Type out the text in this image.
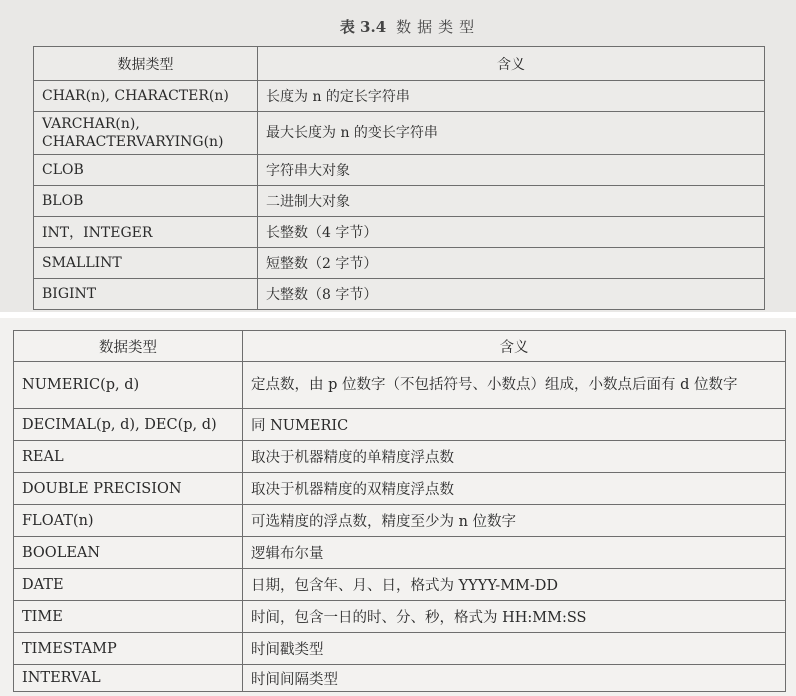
表 3.4 数据类型
数据类型	含义
CHAR(n), CHARACTER(n)	长度为 n 的定长字符串
VARCHAR(n),
CHARACTERVARYING(n)	最大长度为 n 的变长字符串
CLOB	字符串大对象
BLOB	二进制大对象
INT，INTEGER	长整数（4 字节）
SMALLINT	短整数（2 字节）
BIGINT	大整数（8 字节）
数据类型	含义
NUMERIC(p, d)	定点数，由 p 位数字（不包括符号、小数点）组成，小数点后面有 d 位数字
DECIMAL(p, d), DEC(p, d)	同 NUMERIC
REAL	取决于机器精度的单精度浮点数
DOUBLE PRECISION	取决于机器精度的双精度浮点数
FLOAT(n)	可选精度的浮点数，精度至少为 n 位数字
BOOLEAN	逻辑布尔量
DATE	日期，包含年、月、日，格式为 YYYY-MM-DD
TIME	时间，包含一日的时、分、秒，格式为 HH:MM:SS
TIMESTAMP	时间戳类型
INTERVAL	时间间隔类型
